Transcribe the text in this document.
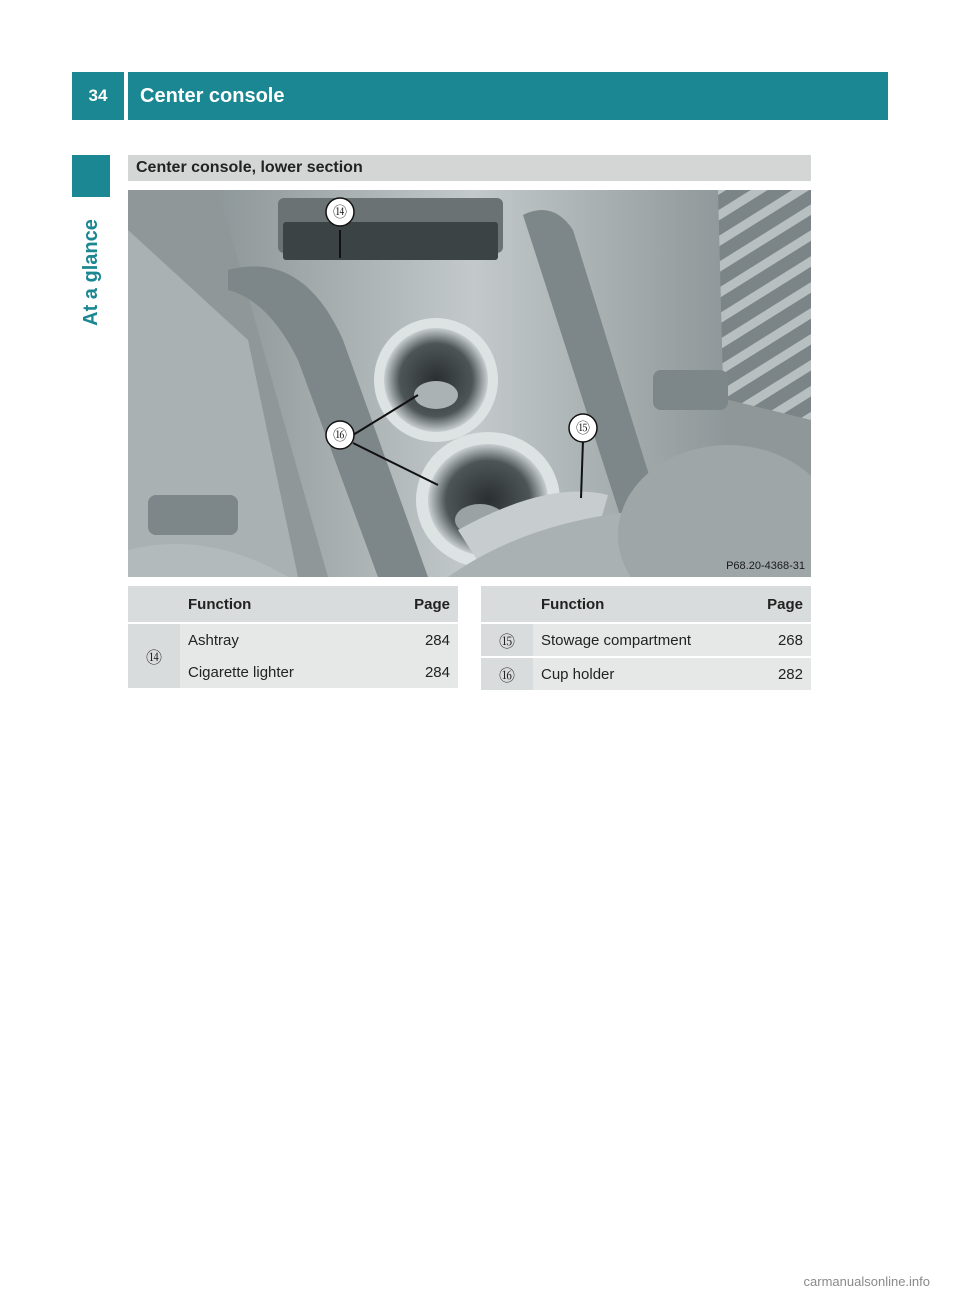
34	Center console
At a glance
Center console, lower section
⑭
⑮
⑯
P68.20-4368-31
	Function	Page
⑭	Ashtray	284
	Cigarette lighter	284
	Function	Page
⑮	Stowage compartment	268
⑯	Cup holder	282
carmanualsonline.info
